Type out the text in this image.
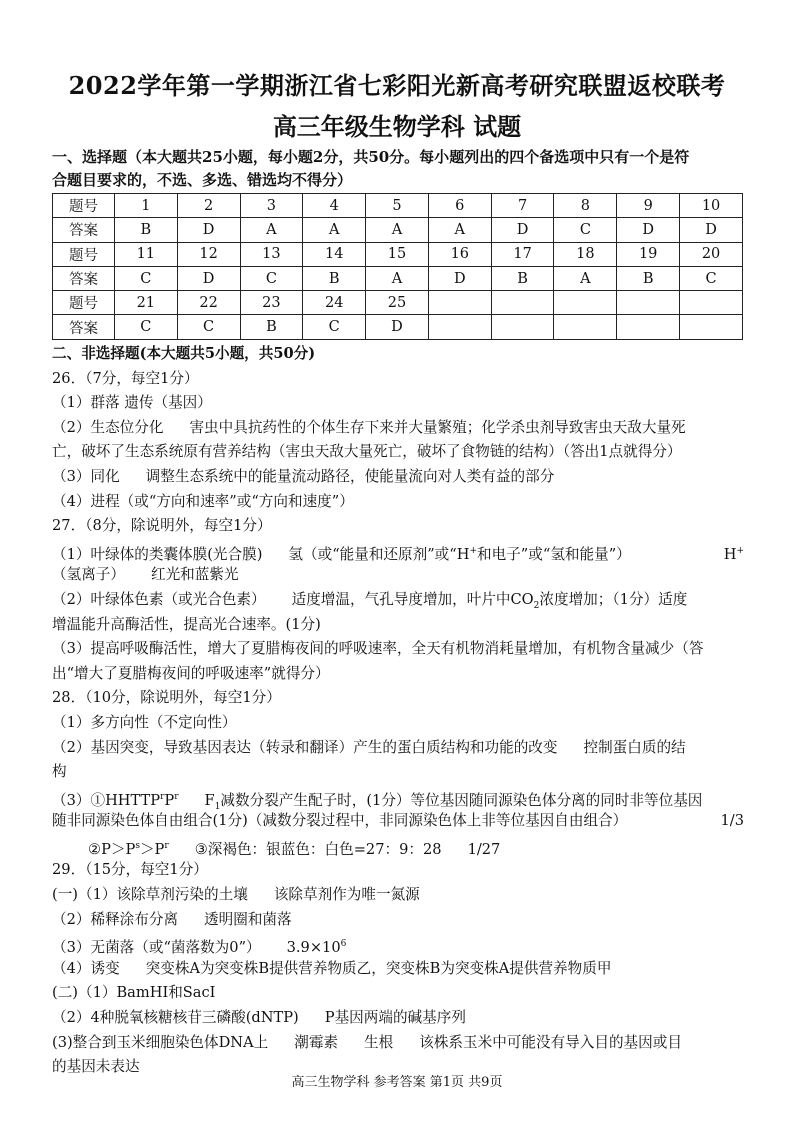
2022学年第一学期浙江省七彩阳光新高考研究联盟返校联考
高三年级生物学科 试题
一、选择题（本大题共25小题，每小题2分，共50分。每小题列出的四个备选项中只有一个是符
合题目要求的，不选、多选、错选均不得分）
题号	1	2	3	4	5	6	7	8	9	10
答案	B	D	A	A	A	A	D	C	D	D
题号	11	12	13	14	15	16	17	18	19	20
答案	C	D	C	B	A	D	B	A	B	C
题号	21	22	23	24	25					
答案	C	C	B	C	D					
二、非选择题(本大题共5小题，共50分)
26．（7分，每空1分）
（1）群落 遗传（基因）
（2）生态位分化 害虫中具抗药性的个体生存下来并大量繁殖；化学杀虫剂导致害虫天敌大量死
亡，破坏了生态系统原有营养结构（害虫天敌大量死亡，破坏了食物链的结构）（答出1点就得分）
（3）同化 调整生态系统中的能量流动路径，使能量流向对人类有益的部分
（4）进程（或“方向和速率”或“方向和速度”）
27．（8分，除说明外，每空1分）
（1）叶绿体的类囊体膜(光合膜) 氢（或“能量和还原剂”或“H+和电子”或“氢和能量”）	H+
（氢离子） 红光和蓝紫光
（2）叶绿体色素（或光合色素） 适度增温，气孔导度增加，叶片中$CO_2$浓度增加；（1分）适度
增温能升高酶活性，提高光合速率。(1分)
（3）提高呼吸酶活性，增大了夏腊梅夜间的呼吸速率，全天有机物消耗量增加，有机物含量减少（答
出“增大了夏腊梅夜间的呼吸速率”就得分）
28．（10分，除说明外，每空1分）
（1）多方向性（不定向性）
（2）基因突变，导致基因表达（转录和翻译）产生的蛋白质结构和功能的改变 控制蛋白质的结
构
$(3)①HHTTP^rP^r$ $F_1$减数分裂产生配子时，(1分）等位基因随同源染色体分离的同时非等位基因
随非同源染色体自由组合(1分)（减数分裂过程中，非同源染色体上非等位基因自由组合）	1/3
$②P>P^s>P^r$ ③深褐色：银蓝色：白色=27：9：28 1/27
29．（15分，每空1分）
(一)（1）该除草剂污染的土壤 该除草剂作为唯一氮源
（2）稀释涂布分离 透明圈和菌落
（3）无菌落（或“菌落数为0”） $3.9\times 10^6$
（4）诱变 突变株A为突变株B提供营养物质乙，突变株B为突变株A提供营养物质甲
(二)（1）BamHI和SacI
（2）4种脱氧核糖核苷三磷酸(dNTP) P基因两端的碱基序列
(3)整合到玉米细胞染色体DNA上 潮霉素 生根 该株系玉米中可能没有导入目的基因或目
的基因未表达
高三生物学科 参考答案 第1页 共9页
